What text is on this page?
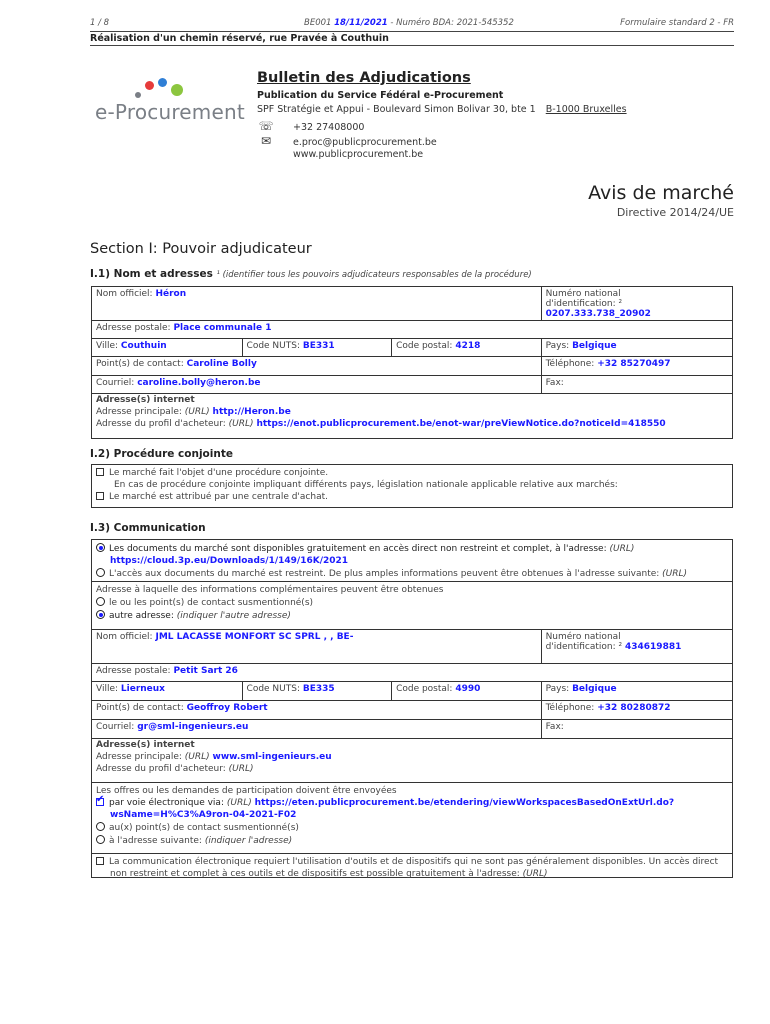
1 / 8	BE001 18/11/2021 - Numéro BDA: 2021-545352	Formulaire standard 2 - FR
Réalisation d'un chemin réservé, rue Pravée à Couthuin
e-Procurement
Bulletin des Adjudications
Publication du Service Fédéral e-Procurement
SPF Stratégie et Appui - Boulevard Simon Bolivar 30, bte 1 B-1000 Bruxelles
☏ +32 27408000
✉ e.proc@publicprocurement.be
www.publicprocurement.be
Avis de marché
Directive 2014/24/UE
Section I: Pouvoir adjudicateur
I.1) Nom et adresses ¹ (identifier tous les pouvoirs adjudicateurs responsables de la procédure)
Nom officiel: Héron	Numéro national
d'identification: ² 0207.333.738_20902
Adresse postale: Place communale 1
Ville: Couthuin	Code NUTS: BE331	Code postal: 4218	Pays: Belgique
Point(s) de contact: Caroline Bolly	Téléphone: +32 85270497
Courriel: caroline.bolly@heron.be	Fax:
Adresse(s) internet
Adresse principale: (URL) http://Heron.be
Adresse du profil d'acheteur: (URL) https://enot.publicprocurement.be/enot-war/preViewNotice.do?noticeId=418550
I.2) Procédure conjointe
Le marché fait l'objet d'une procédure conjointe.
En cas de procédure conjointe impliquant différents pays, législation nationale applicable relative aux marchés:
Le marché est attribué par une centrale d'achat.
I.3) Communication
Les documents du marché sont disponibles gratuitement en accès direct non restreint et complet, à l'adresse: (URL)
https://cloud.3p.eu/Downloads/1/149/16K/2021
L'accès aux documents du marché est restreint. De plus amples informations peuvent être obtenues à l'adresse suivante: (URL)
Adresse à laquelle des informations complémentaires peuvent être obtenues
le ou les point(s) de contact susmentionné(s)
autre adresse: (indiquer l'autre adresse)
Nom officiel: JML LACASSE MONFORT SC SPRL , , BE-	Numéro national
d'identification: ² 434619881
Adresse postale: Petit Sart 26
Ville: Lierneux	Code NUTS: BE335	Code postal: 4990	Pays: Belgique
Point(s) de contact: Geoffroy Robert	Téléphone: +32 80280872
Courriel: gr@sml-ingenieurs.eu	Fax:
Adresse(s) internet
Adresse principale: (URL) www.sml-ingenieurs.eu
Adresse du profil d'acheteur: (URL)
Les offres ou les demandes de participation doivent être envoyées
✔par voie électronique via: (URL) https://eten.publicprocurement.be/etendering/viewWorkspacesBasedOnExtUrl.do?
wsName=H%C3%A9ron-04-2021-F02
au(x) point(s) de contact susmentionné(s)
à l'adresse suivante: (indiquer l'adresse)
La communication électronique requiert l'utilisation d'outils et de dispositifs qui ne sont pas généralement disponibles. Un accès direct
non restreint et complet à ces outils et de dispositifs est possible gratuitement à l'adresse: (URL)
